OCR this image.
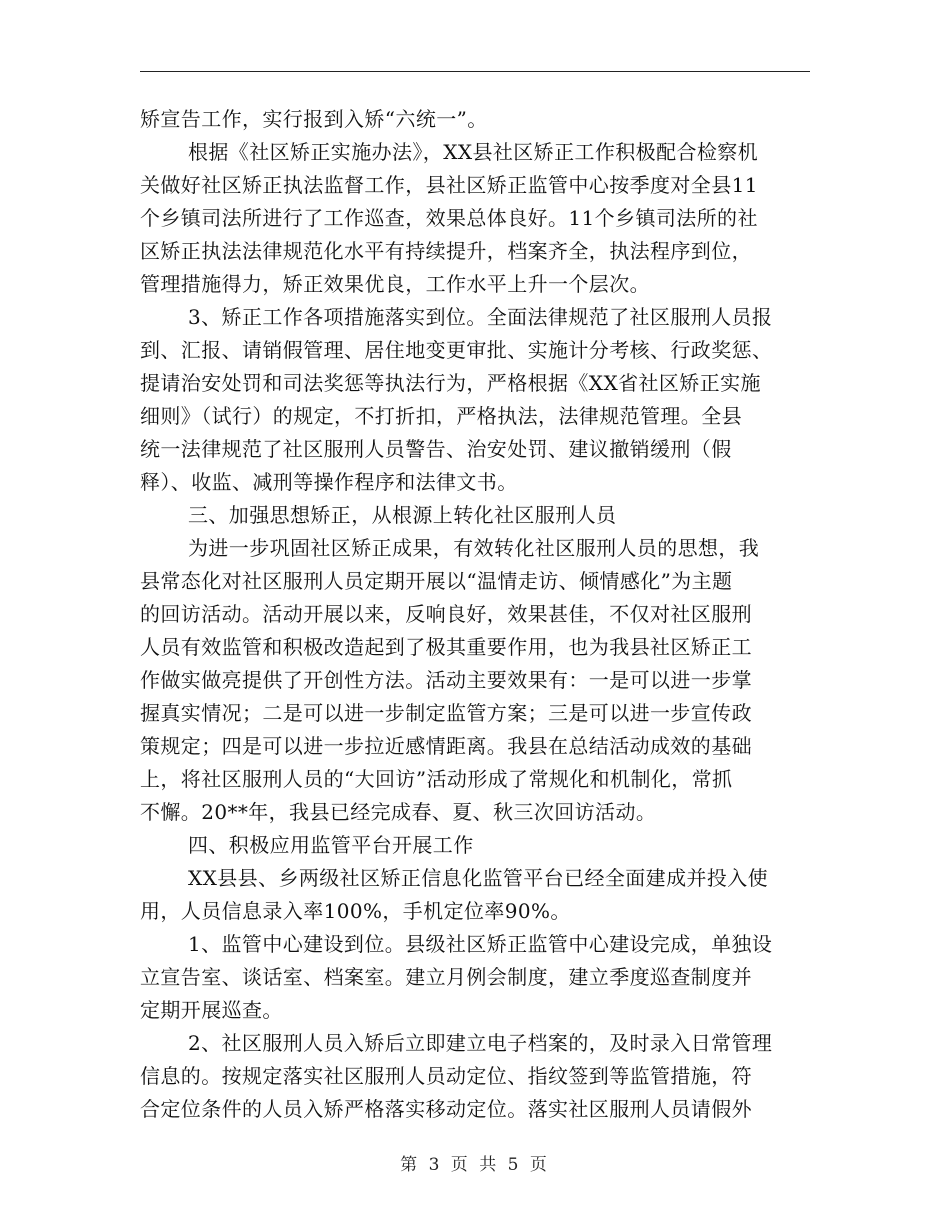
矫宣告工作，实行报到入矫“六统一”。
根据《社区矫正实施办法》，XX县社区矫正工作积极配合检察机
关做好社区矫正执法监督工作，县社区矫正监管中心按季度对全县11
个乡镇司法所进行了工作巡查，效果总体良好。11个乡镇司法所的社
区矫正执法法律规范化水平有持续提升，档案齐全，执法程序到位，
管理措施得力，矫正效果优良，工作水平上升一个层次。
3、矫正工作各项措施落实到位。全面法律规范了社区服刑人员报
到、汇报、请销假管理、居住地变更审批、实施计分考核、行政奖惩、
提请治安处罚和司法奖惩等执法行为，严格根据《XX省社区矫正实施
细则》（试行）的规定，不打折扣，严格执法，法律规范管理。全县
统一法律规范了社区服刑人员警告、治安处罚、建议撤销缓刑（假
释）、收监、减刑等操作程序和法律文书。
三、加强思想矫正，从根源上转化社区服刑人员
为进一步巩固社区矫正成果，有效转化社区服刑人员的思想，我
县常态化对社区服刑人员定期开展以“温情走访、倾情感化”为主题
的回访活动。活动开展以来，反响良好，效果甚佳，不仅对社区服刑
人员有效监管和积极改造起到了极其重要作用，也为我县社区矫正工
作做实做亮提供了开创性方法。活动主要效果有：一是可以进一步掌
握真实情况；二是可以进一步制定监管方案；三是可以进一步宣传政
策规定；四是可以进一步拉近感情距离。我县在总结活动成效的基础
上，将社区服刑人员的“大回访”活动形成了常规化和机制化，常抓
不懈。20**年，我县已经完成春、夏、秋三次回访活动。
四、积极应用监管平台开展工作
XX县县、乡两级社区矫正信息化监管平台已经全面建成并投入使
用，人员信息录入率100%，手机定位率90%。
1、监管中心建设到位。县级社区矫正监管中心建设完成，单独设
立宣告室、谈话室、档案室。建立月例会制度，建立季度巡查制度并
定期开展巡查。
2、社区服刑人员入矫后立即建立电子档案的，及时录入日常管理
信息的。按规定落实社区服刑人员动定位、指纹签到等监管措施，符
合定位条件的人员入矫严格落实移动定位。落实社区服刑人员请假外
第 3 页 共 5 页
